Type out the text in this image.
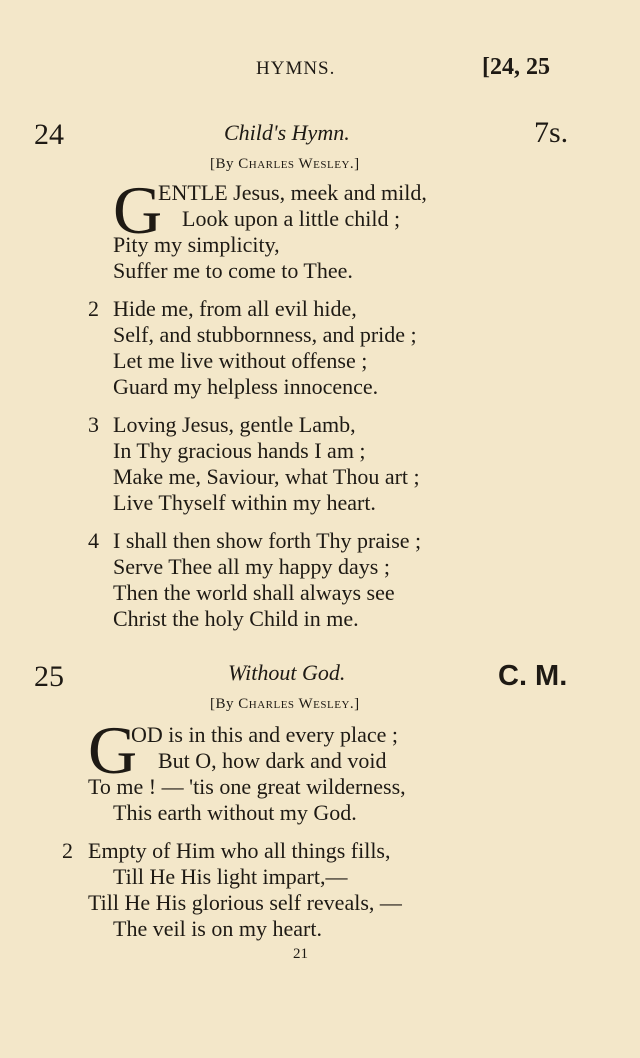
HYMNS.	[24, 25
24	Child's Hymn.	7s.
[By Charles Wesley.]
G
ENTLE Jesus, meek and mild,
Look upon a little child ;
Pity my simplicity,
Suffer me to come to Thee.
2 Hide me, from all evil hide,
Self, and stubbornness, and pride ;
Let me live without offense ;
Guard my helpless innocence.
3 Loving Jesus, gentle Lamb,
In Thy gracious hands I am ;
Make me, Saviour, what Thou art ;
Live Thyself within my heart.
4 I shall then show forth Thy praise ;
Serve Thee all my happy days ;
Then the world shall always see
Christ the holy Child in me.
25	Without God.	C. M.
[By Charles Wesley.]
G
OD is in this and every place ;
But O, how dark and void
To me ! — 'tis one great wilderness,
This earth without my God.
2 Empty of Him who all things fills,
Till He His light impart,—
Till He His glorious self reveals, —
The veil is on my heart.
21
